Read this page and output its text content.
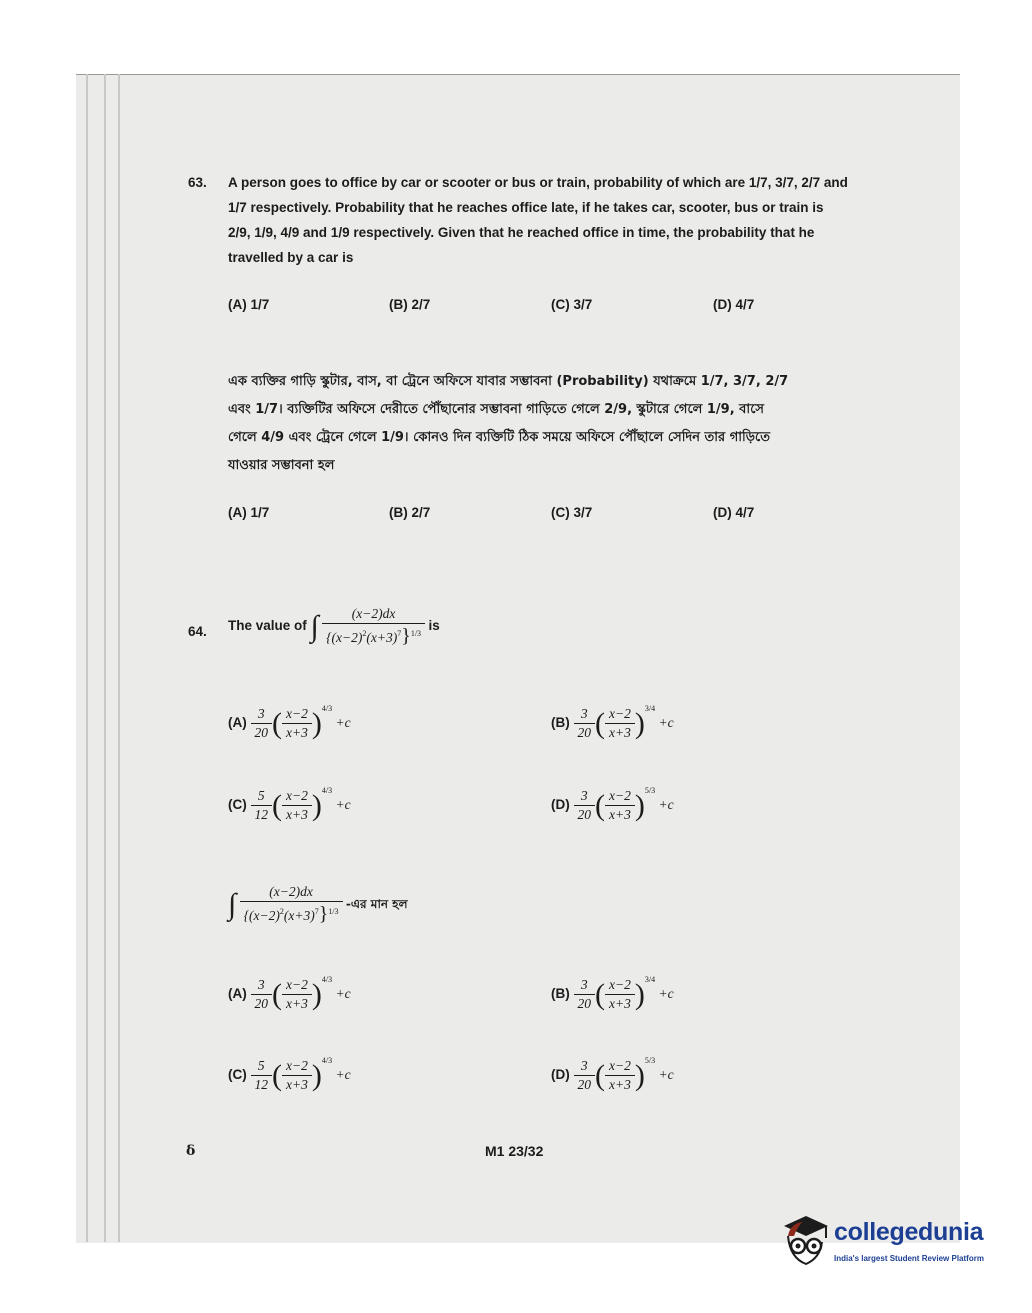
63. A person goes to office by car or scooter or bus or train, probability of which are 1/7, 3/7, 2/7 and
1/7 respectively. Probability that he reaches office late, if he takes car, scooter, bus or train is
2/9, 1/9, 4/9 and 1/9 respectively. Given that he reached office in time, the probability that he
travelled by a car is
(A) 1/7	(B) 2/7	(C) 3/7	(D) 4/7
এক ব্যক্তির গাড়ি স্কুটার, বাস, বা ট্রেনে অফিসে যাবার সম্ভাবনা (Probability) যথাক্রমে 1/7, 3/7, 2/7
এবং 1/7। ব্যক্তিটির অফিসে দেরীতে পৌঁছানোর সম্ভাবনা গাড়িতে গেলে 2/9, স্কুটারে গেলে 1/9, বাসে
গেলে 4/9 এবং ট্রেনে গেলে 1/9। কোনও দিন ব্যক্তিটি ঠিক সময়ে অফিসে পৌঁছালে সেদিন তার গাড়িতে
যাওয়ার সম্ভাবনা হল
(A) 1/7	(B) 2/7	(C) 3/7	(D) 4/7
64. The value of ∫ $\frac{(x-2)dx}{\{(x-2)^2(x+3)^7\}^{1/3}}$ is
$(A) \frac{3}{20}$ ( $\frac{x-2}{x+3} )^{4/3} +c$	$(B) \frac{3}{20}$ ( $\frac{x-2}{x+3} )^{3/4} +c$
$(C) \frac{5}{12}$ ( $\frac{x-2}{x+3} )^{4/3} +c$	$(D) \frac{3}{20}$ ( $\frac{x-2}{x+3} )^{5/3} +c$
∫ $\frac{(x-2)dx}{\{(x-2)^2(x+3)^7\}^{1/3}}$ -এর মান হল
$(A) \frac{3}{20}$ ( $\frac{x-2}{x+3} )^{4/3} +c$	$(B) \frac{3}{20}$ ( $\frac{x-2}{x+3} )^{3/4} +c$
$(C) \frac{5}{12}$ ( $\frac{x-2}{x+3} )^{4/3} +c$	$(D) \frac{3}{20}$ ( $\frac{x-2}{x+3} )^{5/3} +c$
δ	M1 23/32
collegedunia
India's largest Student Review Platform
